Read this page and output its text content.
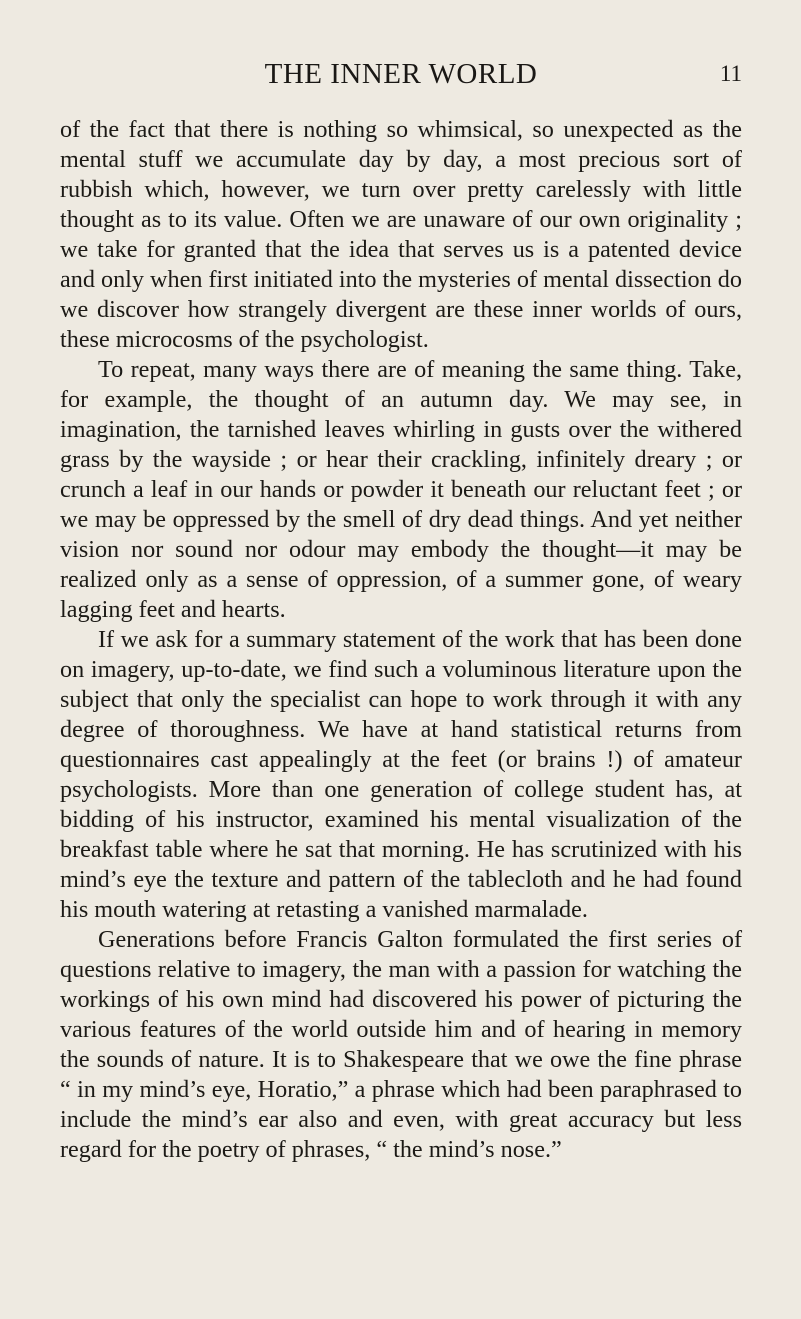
THE INNER WORLD	11

of the fact that there is nothing so whimsical, so unexpected as the mental stuff we accumulate day by day, a most precious sort of rubbish which, however, we turn over pretty carelessly with little thought as to its value. Often we are unaware of our own originality ; we take for granted that the idea that serves us is a patented device and only when first initiated into the mysteries of mental dissection do we discover how strangely divergent are these inner worlds of ours, these microcosms of the psychologist.

To repeat, many ways there are of meaning the same thing. Take, for example, the thought of an autumn day. We may see, in imagination, the tarnished leaves whirling in gusts over the withered grass by the wayside ; or hear their crackling, infinitely dreary ; or crunch a leaf in our hands or powder it beneath our reluctant feet ; or we may be oppressed by the smell of dry dead things. And yet neither vision nor sound nor odour may embody the thought—it may be realized only as a sense of oppression, of a summer gone, of weary lagging feet and hearts.

If we ask for a summary statement of the work that has been done on imagery, up-to-date, we find such a voluminous literature upon the subject that only the specialist can hope to work through it with any degree of thoroughness. We have at hand statistical returns from questionnaires cast appealingly at the feet (or brains !) of amateur psychologists. More than one generation of college student has, at bidding of his instructor, examined his mental visualization of the breakfast table where he sat that morning. He has scrutinized with his mind’s eye the texture and pattern of the tablecloth and he had found his mouth watering at retasting a vanished marmalade.

Generations before Francis Galton formulated the first series of questions relative to imagery, the man with a passion for watching the workings of his own mind had discovered his power of picturing the various features of the world outside him and of hearing in memory the sounds of nature. It is to Shakespeare that we owe the fine phrase “ in my mind’s eye, Horatio,” a phrase which had been paraphrased to include the mind’s ear also and even, with great accuracy but less regard for the poetry of phrases, “ the mind’s nose.”
